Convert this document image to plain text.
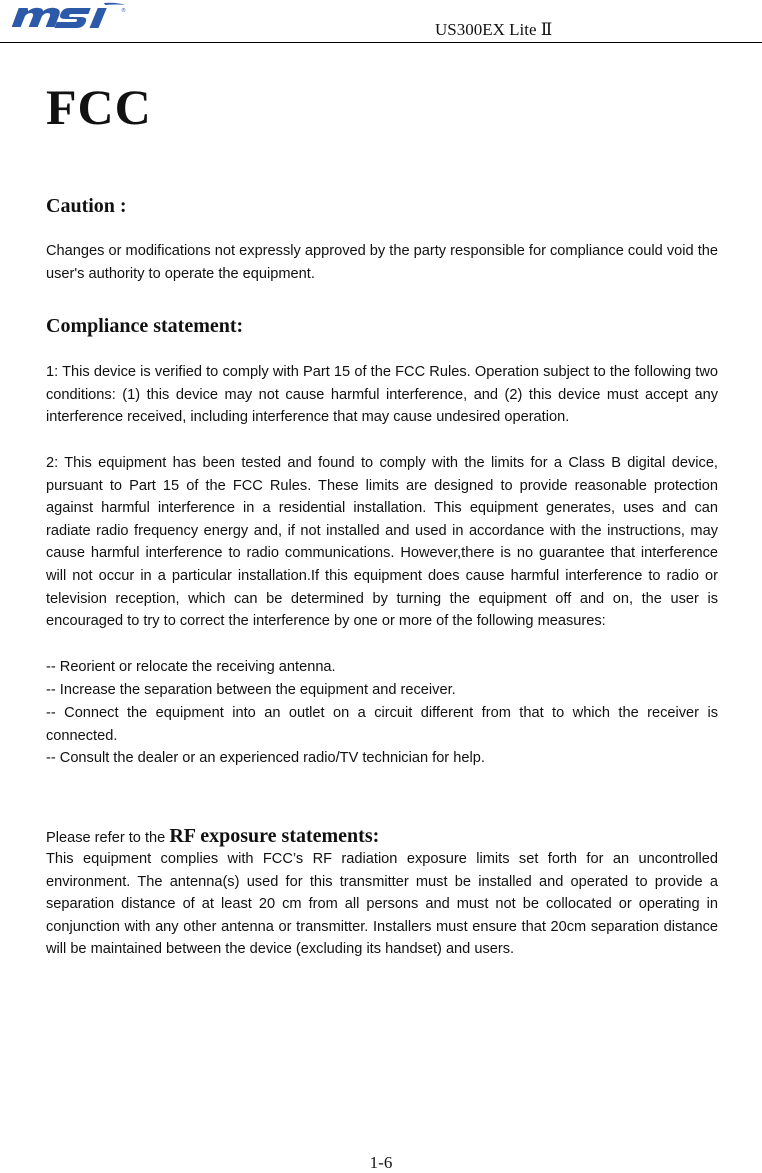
®
US300EX Lite Ⅱ
FCC
Caution :

Changes or modifications not expressly approved by the party responsible for compliance could void the user's authority to operate the equipment.

Compliance statement:

1: This device is verified to comply with Part 15 of the FCC Rules. Operation subject to the following two conditions: (1) this device may not cause harmful interference, and (2) this device must accept any interference received, including interference that may cause undesired operation.

2: This equipment has been tested and found to comply with the limits for a Class B digital device, pursuant to Part 15 of the FCC Rules. These limits are designed to provide reasonable protection against harmful interference in a residential installation. This equipment generates, uses and can radiate radio frequency energy and, if not installed and used in accordance with the instructions, may cause harmful interference to radio communications. However,there is no guarantee that interference will not occur in a particular installation.If this equipment does cause harmful interference to radio or television reception, which can be determined by turning the equipment off and on, the user is encouraged to try to correct the interference by one or more of the following measures:

-- Reorient or relocate the receiving antenna.
-- Increase the separation between the equipment and receiver.

-- Connect the equipment into an outlet on a circuit different from that to which the receiver is connected.

-- Consult the dealer or an experienced radio/TV technician for help.
Please refer to the RF exposure statements:

This equipment complies with FCC’s RF radiation exposure limits set forth for an uncontrolled environment. The antenna(s) used for this transmitter must be installed and operated to provide a separation distance of at least 20 cm from all persons and must not be collocated or operating in conjunction with any other antenna or transmitter. Installers must ensure that 20cm separation distance will be maintained between the device (excluding its handset) and users.

1-6
